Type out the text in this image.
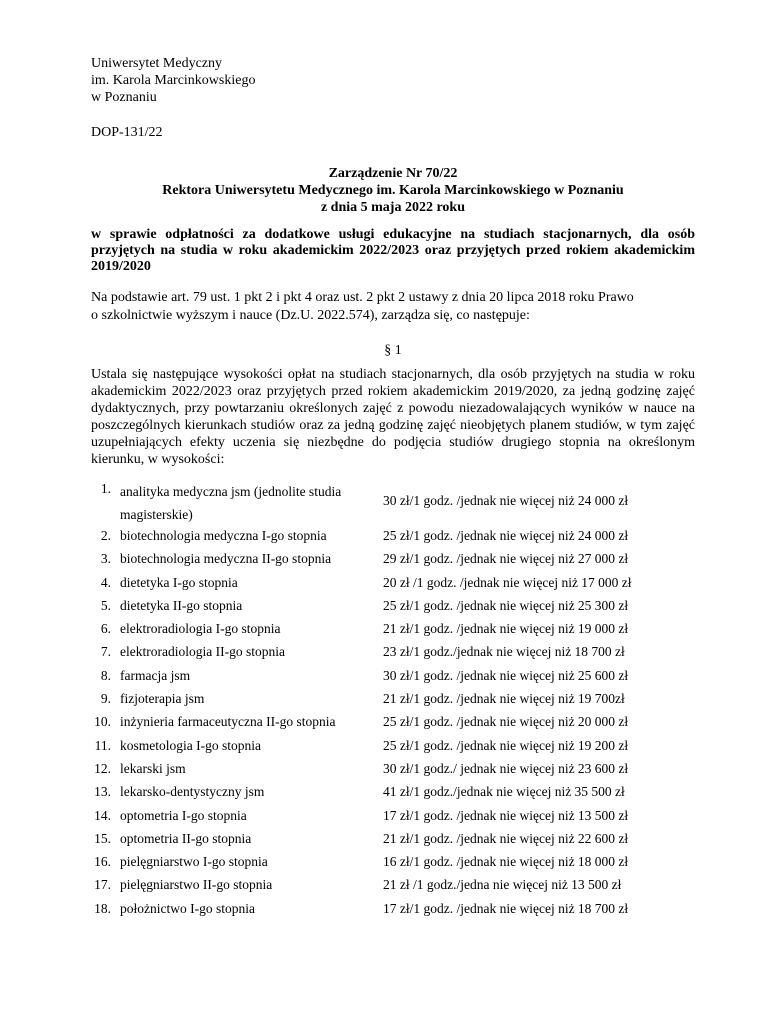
Uniwersytet Medyczny
im. Karola Marcinkowskiego
w Poznaniu
DOP-131/22
Zarządzenie Nr 70/22
Rektora Uniwersytetu Medycznego im. Karola Marcinkowskiego w Poznaniu
z dnia 5 maja 2022 roku
w sprawie odpłatności za dodatkowe usługi edukacyjne na studiach stacjonarnych, dla osób przyjętych na studia w roku akademickim 2022/2023 oraz przyjętych przed rokiem akademickim 2019/2020
Na podstawie art. 79 ust. 1 pkt 2 i pkt 4 oraz ust. 2 pkt 2 ustawy z dnia 20 lipca 2018 roku Prawo
o szkolnictwie wyższym i nauce (Dz.U. 2022.574), zarządza się, co następuje:
§ 1
Ustala się następujące wysokości opłat na studiach stacjonarnych, dla osób przyjętych na studia w roku akademickim 2022/2023 oraz przyjętych przed rokiem akademickim 2019/2020, za jedną godzinę zajęć dydaktycznych, przy powtarzaniu określonych zajęć z powodu niezadowalających wyników w nauce na poszczególnych kierunkach studiów oraz za jedną godzinę zajęć nieobjętych planem studiów, w tym zajęć uzupełniających efekty uczenia się niezbędne do podjęcia studiów drugiego stopnia na określonym kierunku, w wysokości:
1. analityka medyczna jsm (jednolite studia magisterskie)
30 zł/1 godz. /jednak nie więcej niż 24 000 zł
2. biotechnologia medyczna I-go stopnia	25 zł/1 godz. /jednak nie więcej niż 24 000 zł
3. biotechnologia medyczna II-go stopnia	29 zł/1 godz. /jednak nie więcej niż 27 000 zł
4. dietetyka I-go stopnia	20 zł /1 godz. /jednak nie więcej niż 17 000 zł
5. dietetyka II-go stopnia	25 zł/1 godz. /jednak nie więcej niż 25 300 zł
6. elektroradiologia I-go stopnia	21 zł/1 godz. /jednak nie więcej niż 19 000 zł
7. elektroradiologia II-go stopnia	23 zł/1 godz./jednak nie więcej niż 18 700 zł
8. farmacja jsm	30 zł/1 godz. /jednak nie więcej niż 25 600 zł
9. fizjoterapia jsm	21 zł/1 godz. /jednak nie więcej niż 19 700zł
10. inżynieria farmaceutyczna II-go stopnia	25 zł/1 godz. /jednak nie więcej niż 20 000 zł
11. kosmetologia I-go stopnia	25 zł/1 godz. /jednak nie więcej niż 19 200 zł
12. lekarski jsm	30 zł/1 godz./ jednak nie więcej niż 23 600 zł
13. lekarsko-dentystyczny jsm	41 zł/1 godz./jednak nie więcej niż 35 500 zł
14. optometria I-go stopnia	17 zł/1 godz. /jednak nie więcej niż 13 500 zł
15. optometria II-go stopnia	21 zł/1 godz. /jednak nie więcej niż 22 600 zł
16. pielęgniarstwo I-go stopnia	16 zł/1 godz. /jednak nie więcej niż 18 000 zł
17. pielęgniarstwo II-go stopnia	21 zł /1 godz./jedna nie więcej niż 13 500 zł
18. położnictwo I-go stopnia	17 zł/1 godz. /jednak nie więcej niż 18 700 zł
